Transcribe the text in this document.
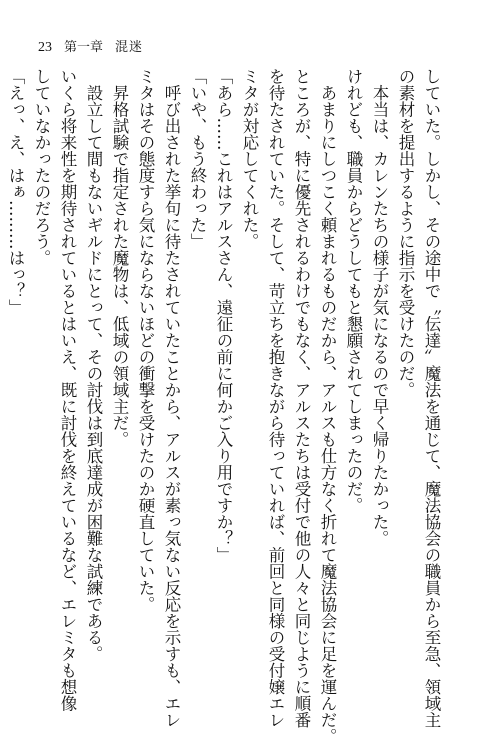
23 第一章 混迷
していた。しかし、その途中で〝伝達〟魔法を通じて、魔法協会の職員から至急、領域主
の素材を提出するように指示を受けたのだ。
　本当は、カレンたちの様子が気になるので早く帰りたかった。
けれども、職員からどうしてもと懇願されてしまったのだ。
　あまりにしつこく頼まれるものだから、アルスも仕方なく折れて魔法協会に足を運んだ。
ところが、特に優先されるわけでもなく、アルスたちは受付で他の人々と同じように順番
を待たされていた。そして、苛立ちを抱きながら待っていれば、前回と同様の受付嬢エレ
ミタが対応してくれた。
「あら……これはアルスさん、遠征の前に何かご入り用ですか？」
「いや、もう終わった」
　呼び出された挙句に待たされていたことから、アルスが素っ気ない反応を示すも、エレ
ミタはその態度すら気にならないほどの衝撃を受けたのか硬直していた。
　昇格試験で指定された魔物は、低域の領域主だ。
　設立して間もないギルドにとって、その討伐は到底達成が困難な試練である。
いくら将来性を期待されているとはいえ、既に討伐を終えているなど、エレミタも想像
していなかったのだろう。
「えっ、え、はぁ………はっ？」
